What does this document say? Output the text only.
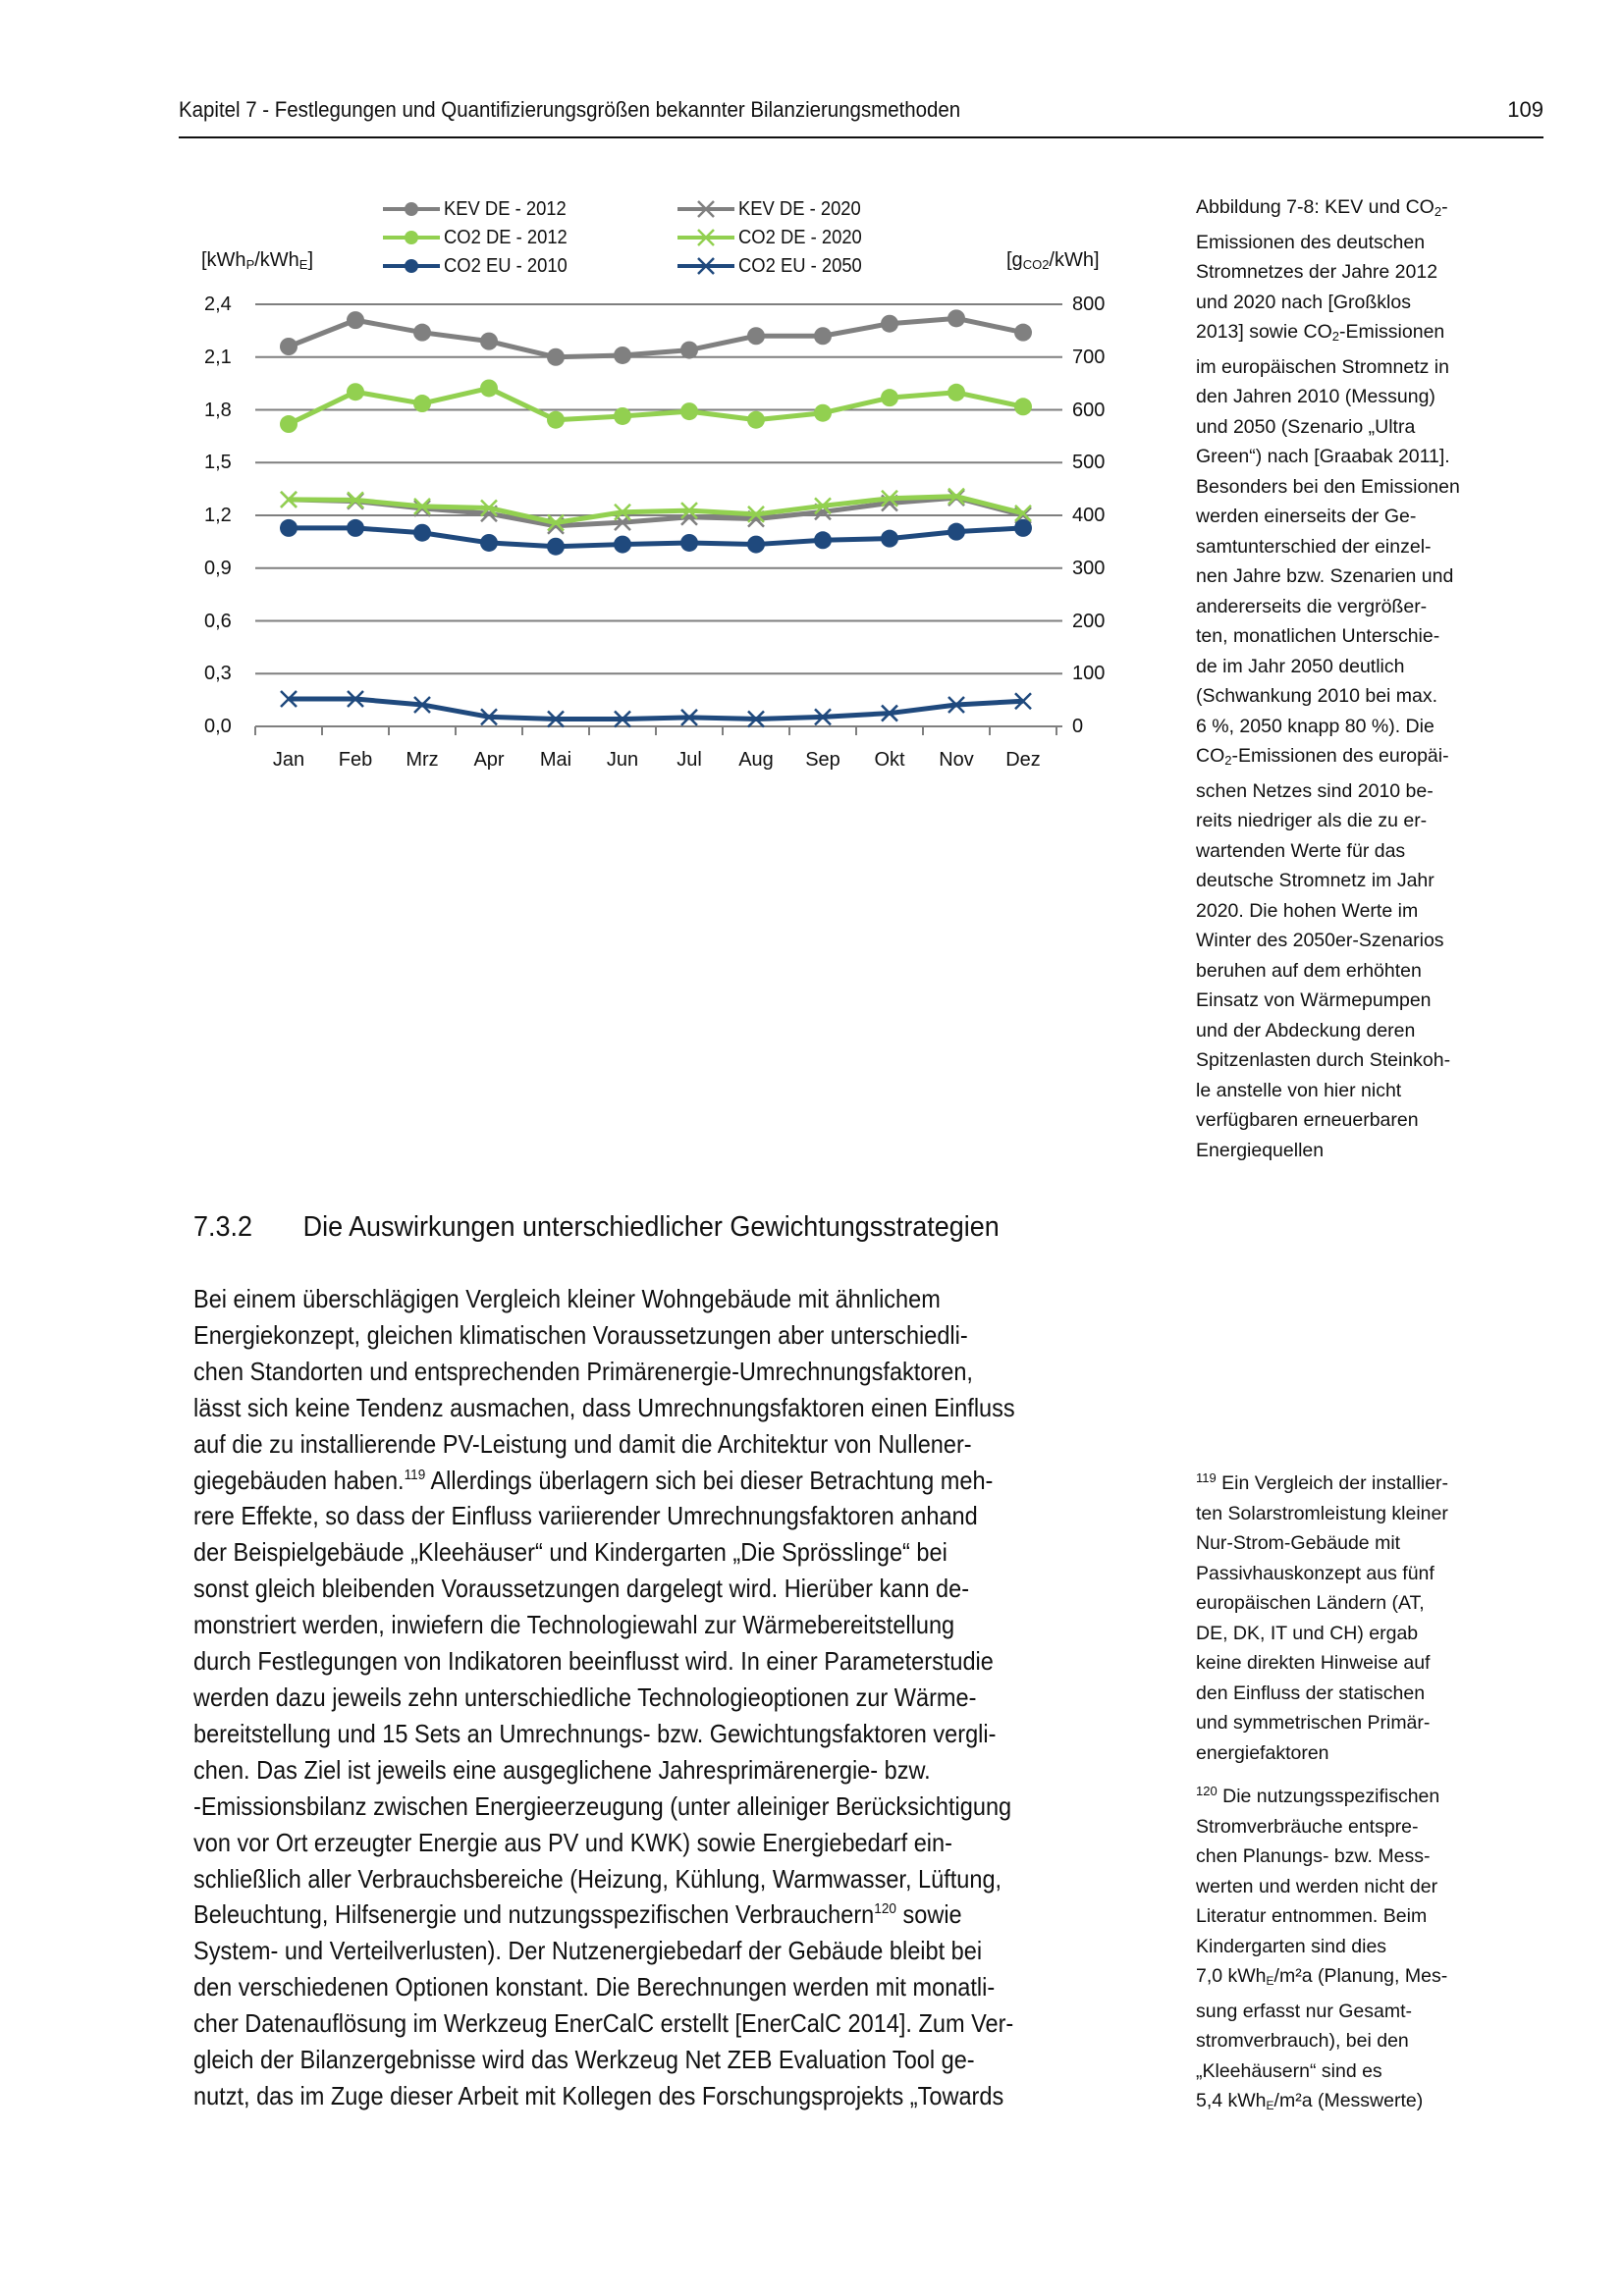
Kapitel 7 - Festlegungen und Quantifizierungsgrößen bekannter Bilanzierungsmethoden	109
KEV DE - 2012	KEV DE - 2020
CO2 DE - 2012	CO2 DE - 2020
CO2 EU - 2010	CO2 EU - 2050
[kWh$_P$/kWh$_E$]	$[g_{CO2}/kWh]$
0,0
0,3
0,6
0,9
1,2
1,5
1,8
2,1
2,4
0
100
200
300
400
500
600
700
800
Jan	Feb	Mrz	Apr	Mai	Jun	Jul	Aug	Sep	Okt	Nov	Dez

Abbildung 7-8: KEV und CO2-

Emissionen des deutschen

Stromnetzes der Jahre 2012

und 2020 nach [Großklos

2013] sowie CO2-Emissionen

im europäischen Stromnetz in

den Jahren 2010 (Messung)

und 2050 (Szenario „Ultra

Green“) nach [Graabak 2011].

Besonders bei den Emissionen

werden einerseits der Ge-

samtunterschied der einzel-

nen Jahre bzw. Szenarien und

andererseits die vergrößer-

ten, monatlichen Unterschie-

de im Jahr 2050 deutlich

(Schwankung 2010 bei max.

6 %, 2050 knapp 80 %). Die

CO2-Emissionen des europäi-

schen Netzes sind 2010 be-

reits niedriger als die zu er-

wartenden Werte für das

deutsche Stromnetz im Jahr

2020. Die hohen Werte im

Winter des 2050er-Szenarios

beruhen auf dem erhöhten

Einsatz von Wärmepumpen

und der Abdeckung deren

Spitzenlasten durch Steinkoh-

le anstelle von hier nicht

verfügbaren erneuerbaren

Energiequellen

7.3.2 Die Auswirkungen unterschiedlicher Gewichtungsstrategien
Bei einem überschlägigen Vergleich kleiner Wohngebäude mit ähnlichem
Energiekonzept, gleichen klimatischen Voraussetzungen aber unterschiedli-
chen Standorten und entsprechenden Primärenergie-Umrechnungsfaktoren,
lässt sich keine Tendenz ausmachen, dass Umrechnungsfaktoren einen Einfluss
auf die zu installierende PV-Leistung und damit die Architektur von Nullener-
giegebäuden haben.$^{119}$ Allerdings überlagern sich bei dieser Betrachtung meh-
rere Effekte, so dass der Einfluss variierender Umrechnungsfaktoren anhand
der Beispielgebäude „Kleehäuser“ und Kindergarten „Die Sprösslinge“ bei
sonst gleich bleibenden Voraussetzungen dargelegt wird. Hierüber kann de-
monstriert werden, inwiefern die Technologiewahl zur Wärmebereitstellung
durch Festlegungen von Indikatoren beeinflusst wird. In einer Parameterstudie
werden dazu jeweils zehn unterschiedliche Technologieoptionen zur Wärme-
bereitstellung und 15 Sets an Umrechnungs- bzw. Gewichtungsfaktoren vergli-
chen. Das Ziel ist jeweils eine ausgeglichene Jahresprimärenergie- bzw.
-Emissionsbilanz zwischen Energieerzeugung (unter alleiniger Berücksichtigung
von vor Ort erzeugter Energie aus PV und KWK) sowie Energiebedarf ein-
schließlich aller Verbrauchsbereiche (Heizung, Kühlung, Warmwasser, Lüftung,
Beleuchtung, Hilfsenergie und nutzungsspezifischen Verbrauchern$^{120}$ sowie
System- und Verteilverlusten). Der Nutzenergiebedarf der Gebäude bleibt bei
den verschiedenen Optionen konstant. Die Berechnungen werden mit monatli-
cher Datenauflösung im Werkzeug EnerCalC erstellt [EnerCalC 2014]. Zum Ver-
gleich der Bilanzergebnisse wird das Werkzeug Net ZEB Evaluation Tool ge-
nutzt, das im Zuge dieser Arbeit mit Kollegen des Forschungsprojekts „Towards
$^{119}$ Ein Vergleich der installier-
ten Solarstromleistung kleiner
Nur-Strom-Gebäude mit
Passivhauskonzept aus fünf
europäischen Ländern (AT,
DE, DK, IT und CH) ergab
keine direkten Hinweise auf
den Einfluss der statischen
und symmetrischen Primär-
energiefaktoren
$^{120}$ Die nutzungsspezifischen
Stromverbräuche entspre-
chen Planungs- bzw. Mess-
werten und werden nicht der
Literatur entnommen. Beim
Kindergarten sind dies
7,0 kWhE/m²a (Planung, Mes-
sung erfasst nur Gesamt-
stromverbrauch), bei den
„Kleehäusern“ sind es
5,4 kWhE/m²a (Messwerte)
